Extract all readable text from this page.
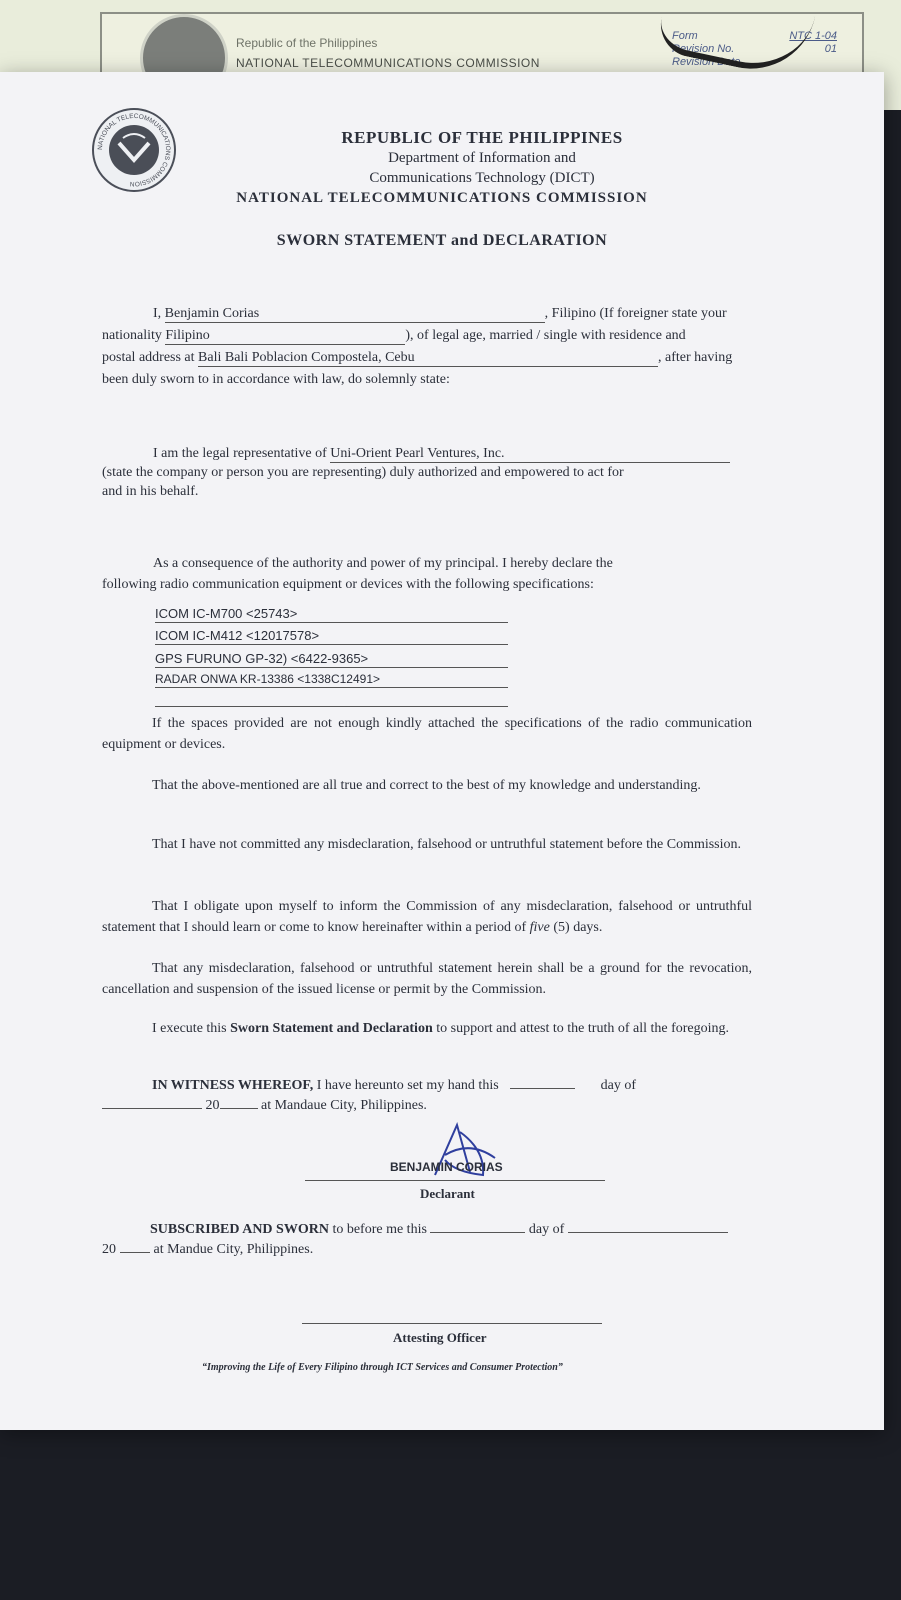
Republic of the Philippines
NATIONAL TELECOMMUNICATIONS COMMISSION
Form	NTC 1-04
Revision No.	01
Revision Date
NATIONAL TELECOMMUNICATIONS COMMISSION
REPUBLIC OF THE PHILIPPINES
Department of Information and
Communications Technology (DICT)
NATIONAL TELECOMMUNICATIONS COMMISSION
SWORN STATEMENT and DECLARATION
I, Benjamin Corias	, Filipino (If foreigner state your
nationality Filipino	), of legal age, married / single with residence and
postal address at Bali Bali Poblacion Compostela, Cebu	, after having
been duly sworn to in accordance with law, do solemnly state:
I am the legal representative of Uni-Orient Pearl Ventures, Inc.
(state the company or person you are representing) duly authorized and empowered to act for
and in his behalf.
As a consequence of the authority and power of my principal. I hereby declare the
following radio communication equipment or devices with the following specifications:
ICOM IC-M700 <25743>
ICOM IC-M412 <12017578>
GPS FURUNO GP-32) <6422-9365>
RADAR ONWA KR-13386 <1338C12491>
If the spaces provided are not enough kindly attached the specifications of the radio communication equipment or devices.
That the above-mentioned are all true and correct to the best of my knowledge and understanding.
That I have not committed any misdeclaration, falsehood or untruthful statement before the Commission.
That I obligate upon myself to inform the Commission of any misdeclaration, falsehood or untruthful statement that I should learn or come to know hereinafter within a period of five (5) days.
That any misdeclaration, falsehood or untruthful statement herein shall be a ground for the revocation, cancellation and suspension of the issued license or permit by the Commission.
I execute this Sworn Statement and Declaration to support and attest to the truth of all the foregoing.
IN WITNESS WHEREOF, I have hereunto set my hand this	day of
20	at Mandaue City, Philippines.
BENJAMIN CORIAS
Declarant
SUBSCRIBED AND SWORN to before me this	day of
20	at Mandue City, Philippines.
Attesting Officer
“Improving the Life of Every Filipino through ICT Services and Consumer Protection”
